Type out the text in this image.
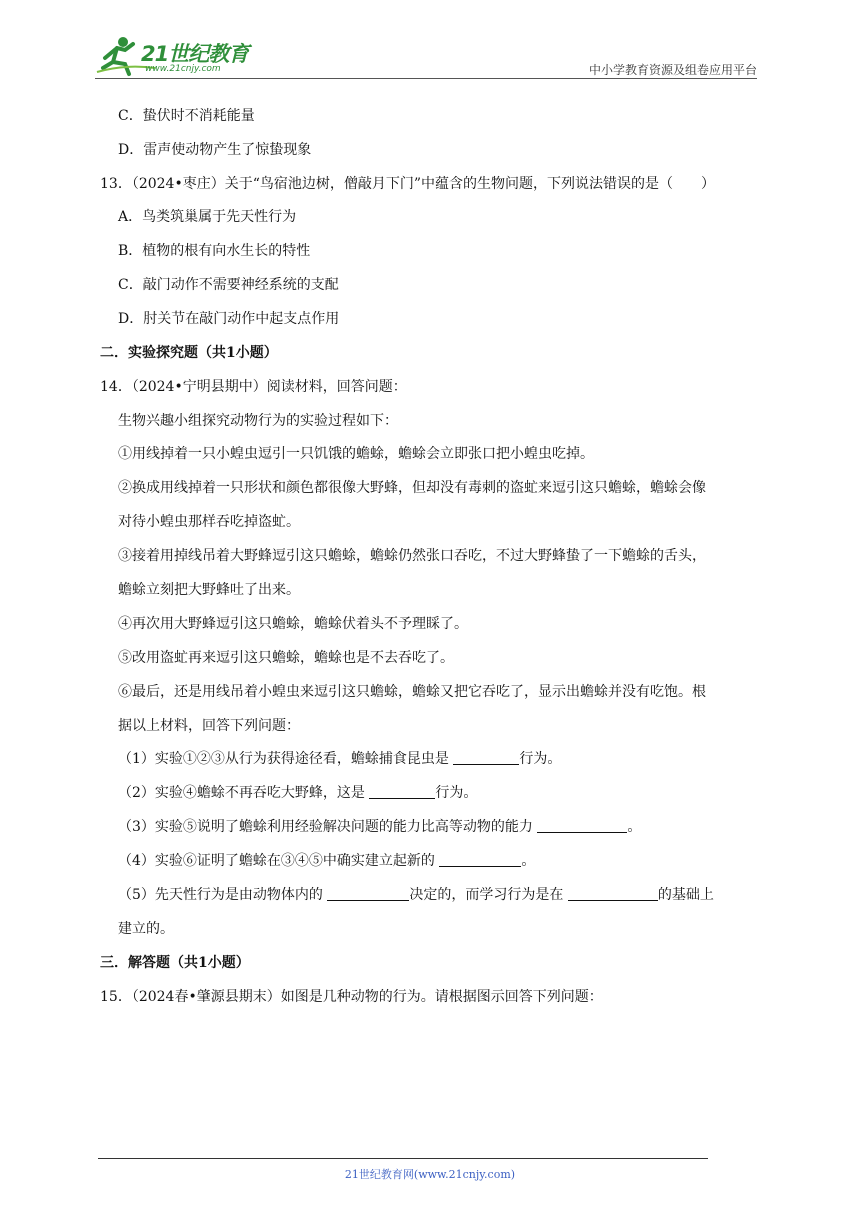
21世纪教育
www.21cnjy.com	中小学教育资源及组卷应用平台
C．蛰伏时不消耗能量
D．雷声使动物产生了惊蛰现象
13．（2024•枣庄）关于“鸟宿池边树，僧敲月下门”中蕴含的生物问题，下列说法错误的是（　　）
A．鸟类筑巢属于先天性行为
B．植物的根有向水生长的特性
C．敲门动作不需要神经系统的支配
D．肘关节在敲门动作中起支点作用
二．实验探究题（共1小题）
14．（2024•宁明县期中）阅读材料，回答问题：
生物兴趣小组探究动物行为的实验过程如下：
①用线掉着一只小蝗虫逗引一只饥饿的蟾蜍，蟾蜍会立即张口把小蝗虫吃掉。
②换成用线掉着一只形状和颜色都很像大野蜂，但却没有毒刺的盗虻来逗引这只蟾蜍，蟾蜍会像
对待小蝗虫那样吞吃掉盗虻。
③接着用掉线吊着大野蜂逗引这只蟾蜍，蟾蜍仍然张口吞吃，不过大野蜂蛰了一下蟾蜍的舌头，
蟾蜍立刻把大野蜂吐了出来。
④再次用大野蜂逗引这只蟾蜍，蟾蜍伏着头不予理睬了。
⑤改用盗虻再来逗引这只蟾蜍，蟾蜍也是不去吞吃了。
⑥最后，还是用线吊着小蝗虫来逗引这只蟾蜍，蟾蜍又把它吞吃了，显示出蟾蜍并没有吃饱。根
据以上材料，回答下列问题：
（1）实验①②③从行为获得途径看，蟾蜍捕食昆虫是	行为。
（2）实验④蟾蜍不再吞吃大野蜂，这是	行为。
（3）实验⑤说明了蟾蜍利用经验解决问题的能力比高等动物的能力	。
（4）实验⑥证明了蟾蜍在③④⑤中确实建立起新的	。
（5）先天性行为是由动物体内的	决定的，而学习行为是在	的基础上
建立的。
三．解答题（共1小题）
15．（2024春•肇源县期末）如图是几种动物的行为。请根据图示回答下列问题：
21世纪教育网(www.21cnjy.com)
